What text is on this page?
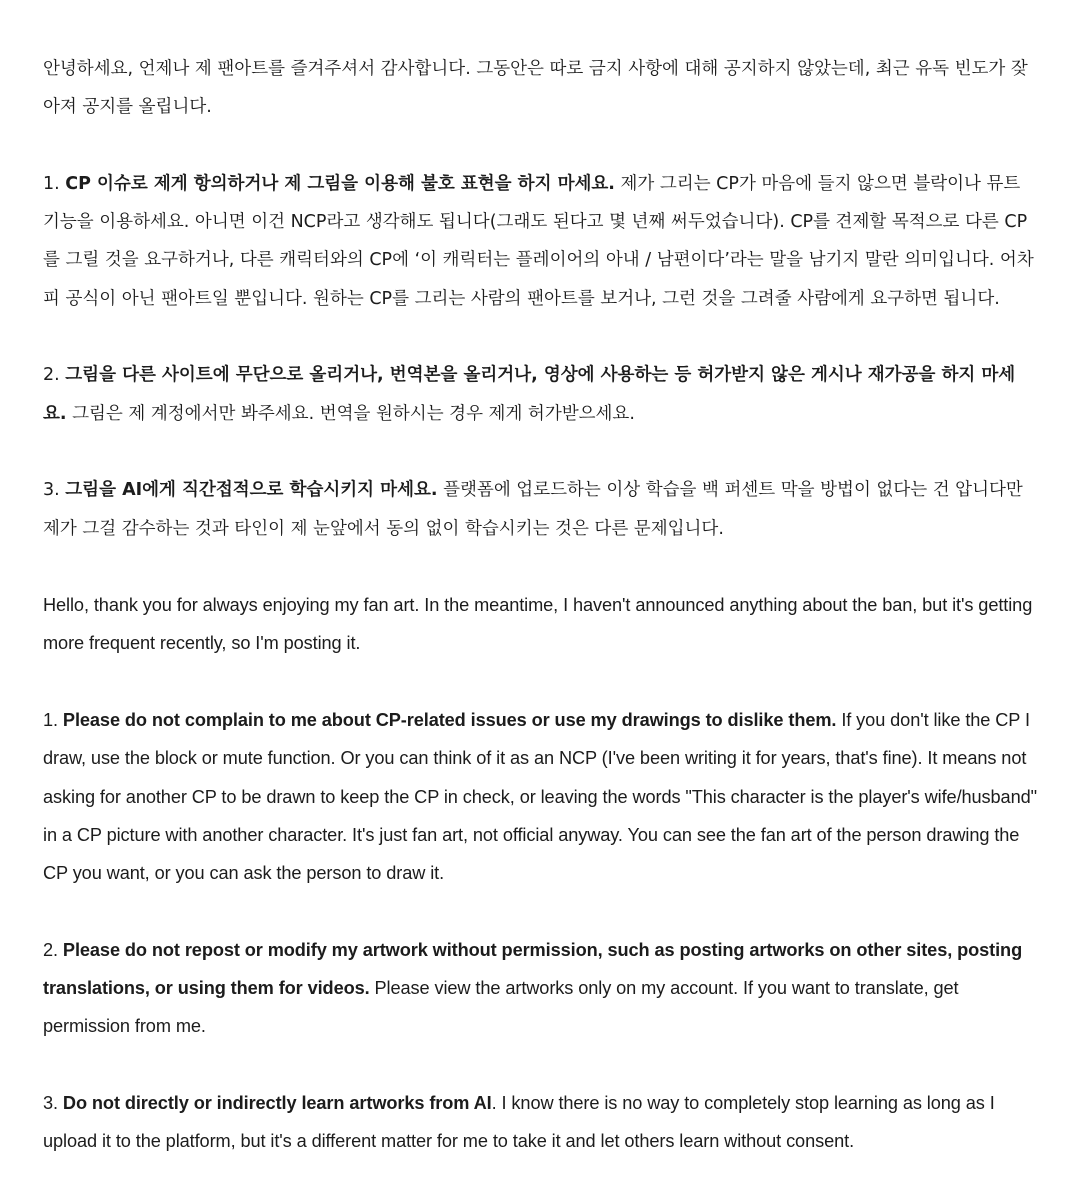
안녕하세요, 언제나 제 팬아트를 즐겨주셔서 감사합니다. 그동안은 따로 금지 사항에 대해 공지하지 않았는데, 최근 유독 빈도가 잦아져 공지를 올립니다.

1. CP 이슈로 제게 항의하거나 제 그림을 이용해 불호 표현을 하지 마세요. 제가 그리는 CP가 마음에 들지 않으면 블락이나 뮤트 기능을 이용하세요. 아니면 이건 NCP라고 생각해도 됩니다(그래도 된다고 몇 년째 써두었습니다). CP를 견제할 목적으로 다른 CP를 그릴 것을 요구하거나, 다른 캐릭터와의 CP에 ‘이 캐릭터는 플레이어의 아내 / 남편이다’라는 말을 남기지 말란 의미입니다. 어차피 공식이 아닌 팬아트일 뿐입니다. 원하는 CP를 그리는 사람의 팬아트를 보거나, 그런 것을 그려줄 사람에게 요구하면 됩니다.

2. 그림을 다른 사이트에 무단으로 올리거나, 번역본을 올리거나, 영상에 사용하는 등 허가받지 않은 게시나 재가공을 하지 마세요. 그림은 제 계정에서만 봐주세요. 번역을 원하시는 경우 제게 허가받으세요.

3. 그림을 AI에게 직간접적으로 학습시키지 마세요. 플랫폼에 업로드하는 이상 학습을 백 퍼센트 막을 방법이 없다는 건 압니다만 제가 그걸 감수하는 것과 타인이 제 눈앞에서 동의 없이 학습시키는 것은 다른 문제입니다.

Hello, thank you for always enjoying my fan art. In the meantime, I haven't announced anything about the ban, but it's getting more frequent recently, so I'm posting it.

1. Please do not complain to me about CP-related issues or use my drawings to dislike them. If you don't like the CP I draw, use the block or mute function. Or you can think of it as an NCP (I've been writing it for years, that's fine). It means not asking for another CP to be drawn to keep the CP in check, or leaving the words "This character is the player's wife/husband" in a CP picture with another character. It's just fan art, not official anyway. You can see the fan art of the person drawing the CP you want, or you can ask the person to draw it.

2. Please do not repost or modify my artwork without permission, such as posting artworks on other sites, posting translations, or using them for videos. Please view the artworks only on my account. If you want to translate, get permission from me.

3. Do not directly or indirectly learn artworks from AI. I know there is no way to completely stop learning as long as I upload it to the platform, but it's a different matter for me to take it and let others learn without consent.
